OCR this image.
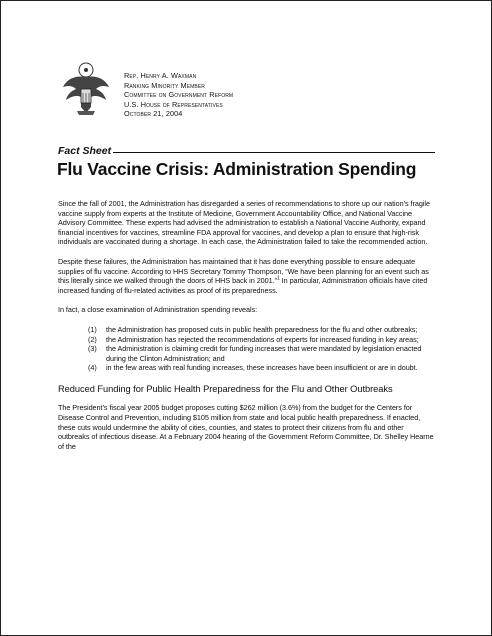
Rep. Henry A. Waxman
Ranking Minority Member
Committee on Government Reform
U.S. House of Representatives
October 21, 2004
Fact Sheet
Flu Vaccine Crisis: Administration Spending

Since the fall of 2001, the Administration has disregarded a series of recommendations to shore up our nation’s fragile vaccine supply from experts at the Institute of Medicine, Government Accountability Office, and National Vaccine Advisory Committee. These experts had advised the administration to establish a National Vaccine Authority, expand financial incentives for vaccines, streamline FDA approval for vaccines, and develop a plan to ensure that high-risk individuals are vaccinated during a shortage. In each case, the Administration failed to take the recommended action.

Despite these failures, the Administration has maintained that it has done everything possible to ensure adequate supplies of flu vaccine. According to HHS Secretary Tommy Thompson, “We have been planning for an event such as this literally since we walked through the doors of HHS back in 2001.”$^1$ In particular, Administration officials have cited increased funding of flu-related activities as proof of its preparedness.

In fact, a close examination of Administration spending reveals:

(1) the Administration has proposed cuts in public health preparedness for the flu and other outbreaks;
(2) the Administration has rejected the recommendations of experts for increased funding in key areas;
(3) the Administration is claiming credit for funding increases that were mandated by legislation enacted during the Clinton Administration; and
(4) in the few areas with real funding increases, these increases have been insufficient or are in doubt.
Reduced Funding for Public Health Preparedness for the Flu and Other Outbreaks

The President’s fiscal year 2005 budget proposes cutting $262 million (3.6%) from the budget for the Centers for Disease Control and Prevention, including $105 million from state and local public health preparedness. If enacted, these cuts would undermine the ability of cities, counties, and states to protect their citizens from flu and other outbreaks of infectious disease. At a February 2004 hearing of the Government Reform Committee, Dr. Shelley Hearne of the
